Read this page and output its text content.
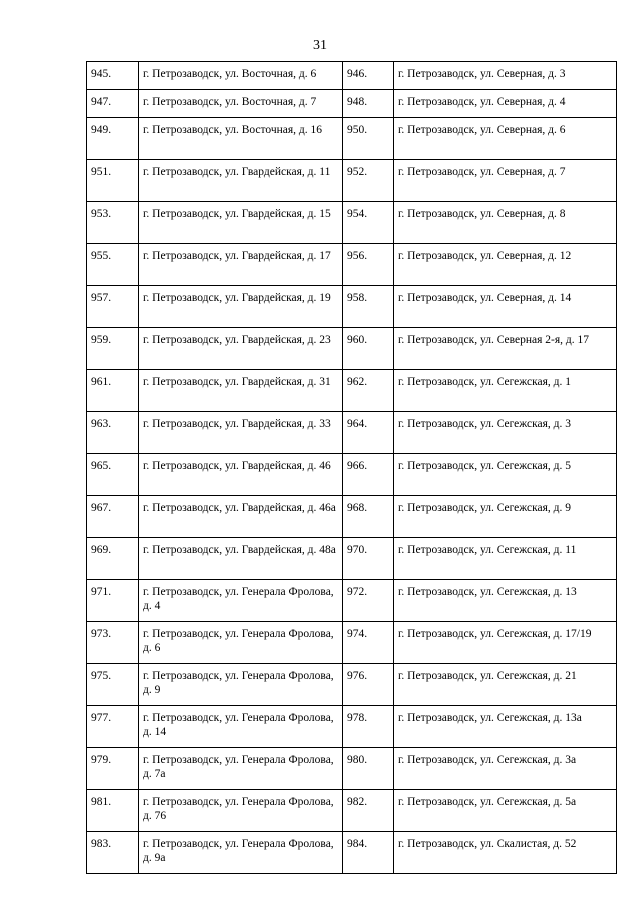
31
945.	г. Петрозаводск, ул. Восточная, д. 6	946.	г. Петрозаводск, ул. Северная, д. 3
947.	г. Петрозаводск, ул. Восточная, д. 7	948.	г. Петрозаводск, ул. Северная, д. 4
949.	г. Петрозаводск, ул. Восточная, д. 16	950.	г. Петрозаводск, ул. Северная, д. 6
951.	г. Петрозаводск, ул. Гвардейская, д. 11	952.	г. Петрозаводск, ул. Северная, д. 7
953.	г. Петрозаводск, ул. Гвардейская, д. 15	954.	г. Петрозаводск, ул. Северная, д. 8
955.	г. Петрозаводск, ул. Гвардейская, д. 17	956.	г. Петрозаводск, ул. Северная, д. 12
957.	г. Петрозаводск, ул. Гвардейская, д. 19	958.	г. Петрозаводск, ул. Северная, д. 14
959.	г. Петрозаводск, ул. Гвардейская, д. 23	960.	г. Петрозаводск, ул. Северная 2-я, д. 17
961.	г. Петрозаводск, ул. Гвардейская, д. 31	962.	г. Петрозаводск, ул. Сегежская, д. 1
963.	г. Петрозаводск, ул. Гвардейская, д. 33	964.	г. Петрозаводск, ул. Сегежская, д. 3
965.	г. Петрозаводск, ул. Гвардейская, д. 46	966.	г. Петрозаводск, ул. Сегежская, д. 5
967.	г. Петрозаводск, ул. Гвардейская, д. 46а	968.	г. Петрозаводск, ул. Сегежская, д. 9
969.	г. Петрозаводск, ул. Гвардейская, д. 48а	970.	г. Петрозаводск, ул. Сегежская, д. 11
971.	г. Петрозаводск, ул. Генерала Фролова, д. 4	972.	г. Петрозаводск, ул. Сегежская, д. 13
973.	г. Петрозаводск, ул. Генерала Фролова, д. 6	974.	г. Петрозаводск, ул. Сегежская, д. 17/19
975.	г. Петрозаводск, ул. Генерала Фролова, д. 9	976.	г. Петрозаводск, ул. Сегежская, д. 21
977.	г. Петрозаводск, ул. Генерала Фролова, д. 14	978.	г. Петрозаводск, ул. Сегежская, д. 13а
979.	г. Петрозаводск, ул. Генерала Фролова, д. 7а	980.	г. Петрозаводск, ул. Сегежская, д. 3а
981.	г. Петрозаводск, ул. Генерала Фролова, д. 76	982.	г. Петрозаводск, ул. Сегежская, д. 5а
983.	г. Петрозаводск, ул. Генерала Фролова, д. 9а	984.	г. Петрозаводск, ул. Скалистая, д. 52
